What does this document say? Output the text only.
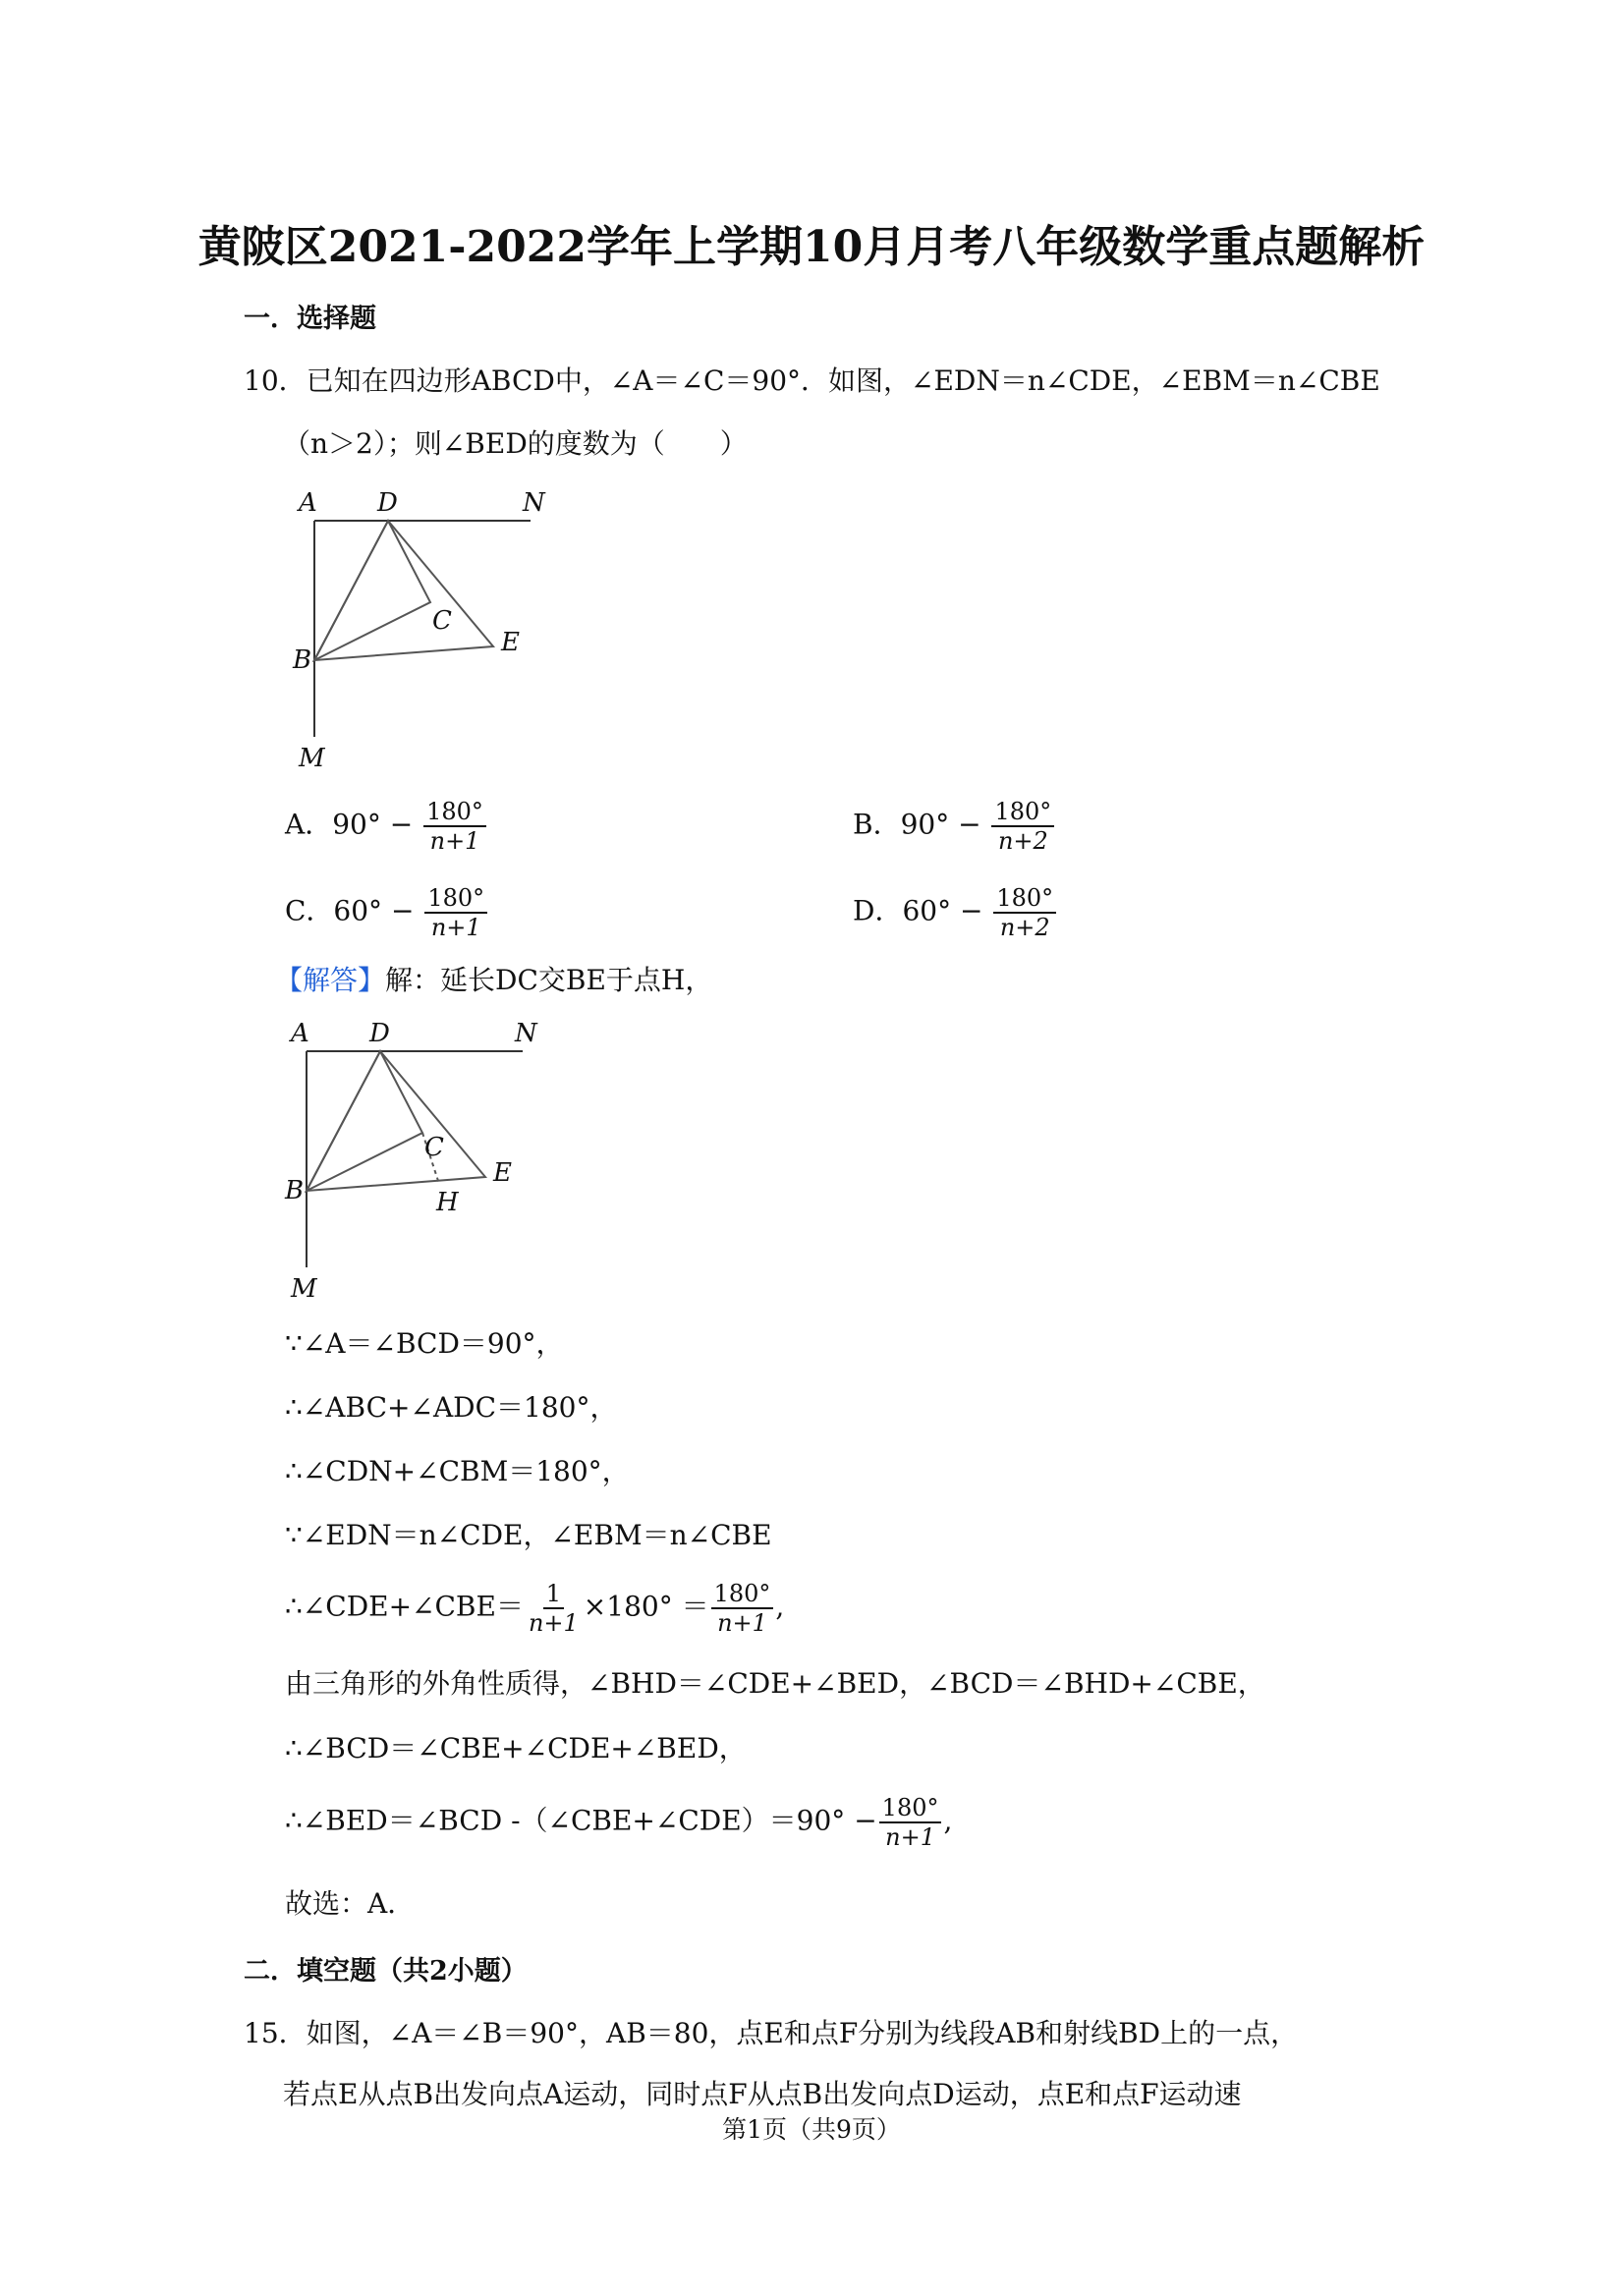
黄陂区2021-2022学年上学期10月月考八年级数学重点题解析
一．选择题
10．已知在四边形ABCD中，∠A＝∠C＝90°．如图，∠EDN＝n∠CDE，∠EBM＝n∠CBE
（n＞2）；则∠BED的度数为（　　）
A D	N
C
E
B
M
A．$90^\circ - \frac{180^\circ}{n+1}$	B．$90^\circ - \frac{180^\circ}{n+2}$
C．$60^\circ - \frac{180^\circ}{n+1}$	D．$60^\circ - \frac{180^\circ}{n+2}$
【解答】解：延长DC交BE于点H，
A D	N
C
E
H
B
M
∵∠A＝∠BCD＝90°，
∴∠ABC+∠ADC＝180°，
∴∠CDN+∠CBM＝180°，
∵∠EDN＝n∠CDE，∠EBM＝n∠CBE
∴∠CDE+∠CBE＝ $\frac{1}{n+1} \times 180^\circ = \frac{180^\circ}{n+1}$ ,
由三角形的外角性质得，∠BHD＝∠CDE+∠BED，∠BCD＝∠BHD+∠CBE，
∴∠BCD＝∠CBE+∠CDE+∠BED，
∴∠BED＝∠BCD -（∠CBE+∠CDE）＝90° − $\frac{180^\circ}{n+1}$ ,
故选：A．
二．填空题（共2小题）
15．如图，∠A＝∠B＝90°，AB＝80，点E和点F分别为线段AB和射线BD上的一点，
若点E从点B出发向点A运动，同时点F从点B出发向点D运动，点E和点F运动速
第1页（共9页）
